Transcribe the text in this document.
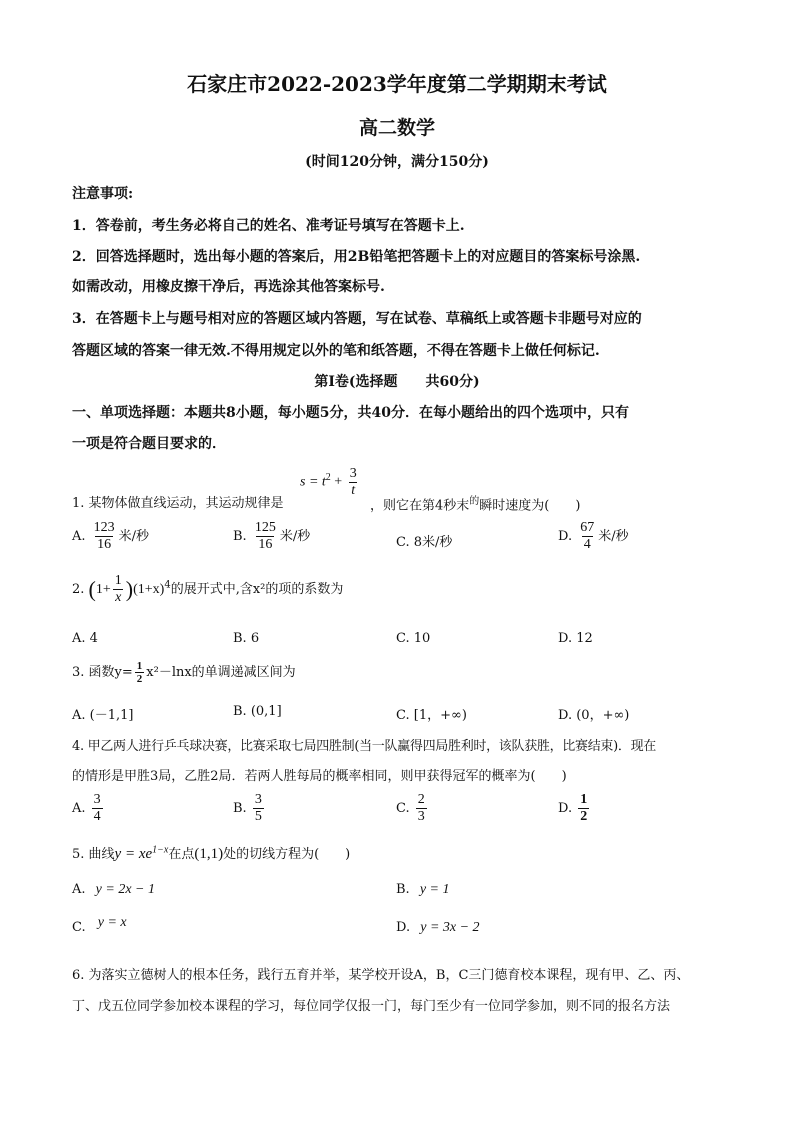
石家庄市2022-2023学年度第二学期期末考试
高二数学
(时间120分钟，满分150分)
注意事项:
1．答卷前，考生务必将自己的姓名、准考证号填写在答题卡上.
2．回答选择题时，选出每小题的答案后，用2B铅笔把答题卡上的对应题目的答案标号涂黑.
如需改动，用橡皮擦干净后，再选涂其他答案标号.
3．在答题卡上与题号相对应的答题区域内答题，写在试卷、草稿纸上或答题卡非题号对应的
答题区域的答案一律无效.不得用规定以外的笔和纸答题，不得在答题卡上做任何标记.
第Ⅰ卷(选择题　　共60分)
一、单项选择题：本题共8小题，每小题5分，共40分．在每小题给出的四个选项中，只有
一项是符合题目要求的．
1. 某物体做直线运动，其运动规律是
$s = t^2 + \frac{3}{t}$
，则它在第4秒末$^的$瞬时速度为(　　)
A. $\frac{123}{16}$ 米/秒	B. $\frac{125}{16}$ 米/秒	C. 8米/秒	D. $\frac{67}{4}$ 米/秒
2. $(1+ \frac{1}{x} )(1+x)^4$的展开式中,含x²的项的系数为
A. 4	B. 6	C. 10	D. 12
3. 函数$y= \frac{1}{2} x^2-\ln x$的单调递减区间为
A. (－1,1]	B. (0,1]	C. [1，+∞)	D. (0，+∞)
4. 甲乙两人进行乒乓球决赛，比赛采取七局四胜制(当一队赢得四局胜利时，该队获胜，比赛结束)．现在
的情形是甲胜3局，乙胜2局．若两人胜每局的概率相同，则甲获得冠军的概率为(　　)
A. $\frac{3}{4}$	B. $\frac{3}{5}$	C. $\frac{2}{3}$	D. $\frac{1}{2}$
5. 曲线$y = xe^{1-x}$在点(1,1)处的切线方程为(　　)
A. y = 2x − 1	B. y = 1
C. y = x	D. y = 3x − 2
6. 为落实立德树人的根本任务，践行五育并举，某学校开设A，B，C三门德育校本课程，现有甲、乙、丙、
丁、戊五位同学参加校本课程的学习，每位同学仅报一门，每门至少有一位同学参加，则不同的报名方法
